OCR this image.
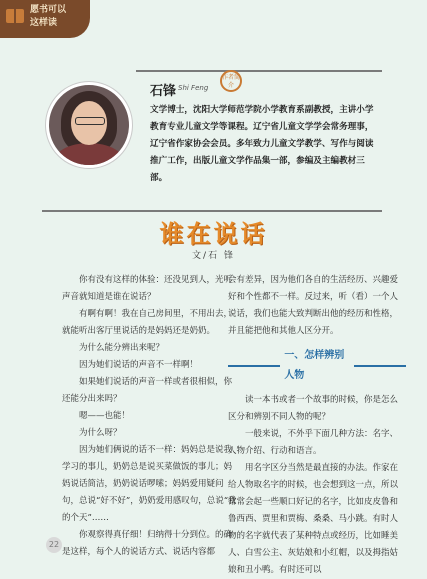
愿书可以
这样读
作者简介
石锋 Shi Feng
文学博士，沈阳大学师范学院小学教育系副教授，主讲小学教育专业儿童文学等课程。辽宁省儿童文学学会常务理事，辽宁省作家协会会员。多年致力儿童文学教学、写作与阅读推广工作，出版儿童文学作品集一部，参编及主编教材三部。
谁在说话
文/石 锋

你有没有这样的体验：还没见到人，光听声音就知道是谁在说话？

有啊有啊！我在自己房间里，不用出去，就能听出客厅里说话的是妈妈还是奶奶。

为什么能分辨出来呢？

因为她们说话的声音不一样啊！

如果她们说话的声音一样或者很相似，你还能分出来吗？

嗯——也能！

为什么呀？

因为她们俩说的话不一样：妈妈总是说我学习的事儿，奶奶总是说买菜做饭的事儿；妈妈说话简洁，奶奶说话啰嗦；妈妈爱用疑问句，总说“好不好”，奶奶爱用感叹句，总说“我的个天”……

你观察得真仔细！归纳得十分到位。的确是这样，每个人的说话方式、说话内容都

会有差异，因为他们各自的生活经历、兴趣爱好和个性都不一样。反过来，听（看）一个人说话，我们也能大致判断出他的经历和性格，并且能把他和其他人区分开。

一、怎样辨别人物

读一本书或者一个故事的时候，你是怎么区分和辨别不同人物的呢？

一般来说，不外乎下面几种方法：名字、人物介绍、行动和语言。

用名字区分当然是最直接的办法。作家在给人物取名字的时候，也会想到这一点，所以常常会起一些顺口好记的名字，比如皮皮鲁和鲁西西、贾里和贾梅、桑桑、马小跳。有时人物的名字就代表了某种特点或经历，比如睡美人、白雪公主、灰姑娘和小红帽，以及拇指姑娘和丑小鸭。有时还可以

22
